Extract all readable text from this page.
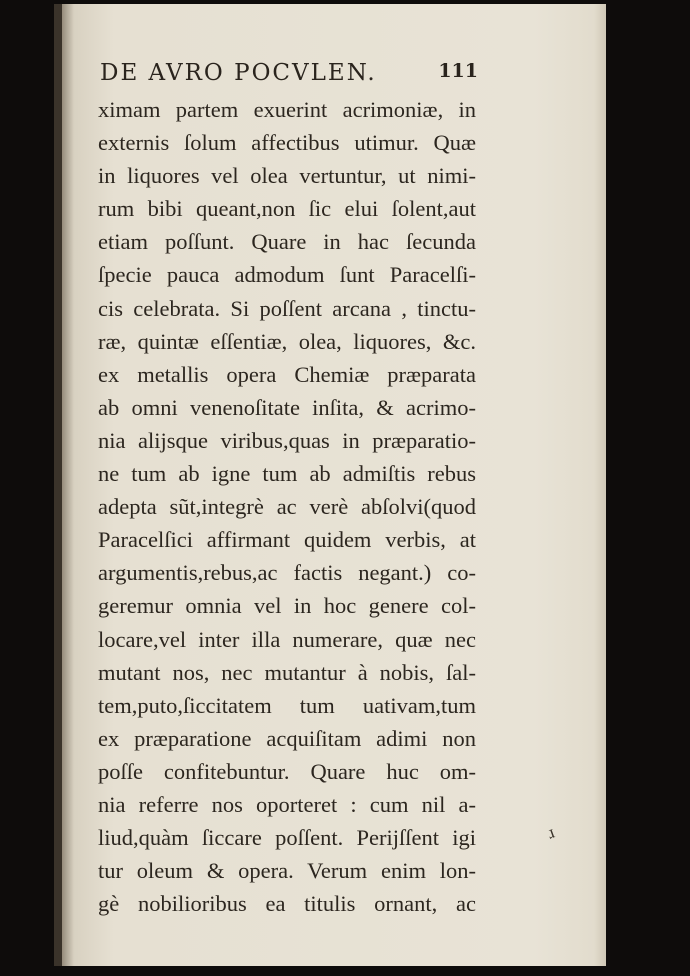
DE AVRO POCVLEN.	111
ximam partem exuerint acrimoniæ, in
externis ſolum affectibus utimur. Quæ
in liquores vel olea vertuntur, ut nimi-
rum bibi queant,non ſic elui ſolent,aut
etiam poſſunt. Quare in hac ſecunda
ſpecie pauca admodum ſunt Paracelſi-
cis celebrata. Si poſſent arcana , tinctu-
ræ, quintæ eſſentiæ, olea, liquores, &c.
ex metallis opera Chemiæ præparata
ab omni venenoſitate inſita, & acrimo-
nia alijsque viribus,quas in præparatio-
ne tum ab igne tum ab admiſtis rebus
adepta sũt,integrè ac verè abſolvi(quod
Paracelſici affirmant quidem verbis, at
argumentis,rebus,ac factis negant.) co-
geremur omnia vel in hoc genere col-
locare,vel inter illa numerare, quæ nec
mutant nos, nec mutantur à nobis, ſal-
tem,puto,ſiccitatem tum uativam,tum
ex præparatione acquiſitam adimi non
poſſe confitebuntur. Quare huc om-
nia referre nos oporteret : cum nil a-
liud,quàm ſiccare poſſent. Perijſſent igi
tur oleum & opera. Verum enim lon-
gè nobilioribus ea titulis ornant, ac
ɹ
